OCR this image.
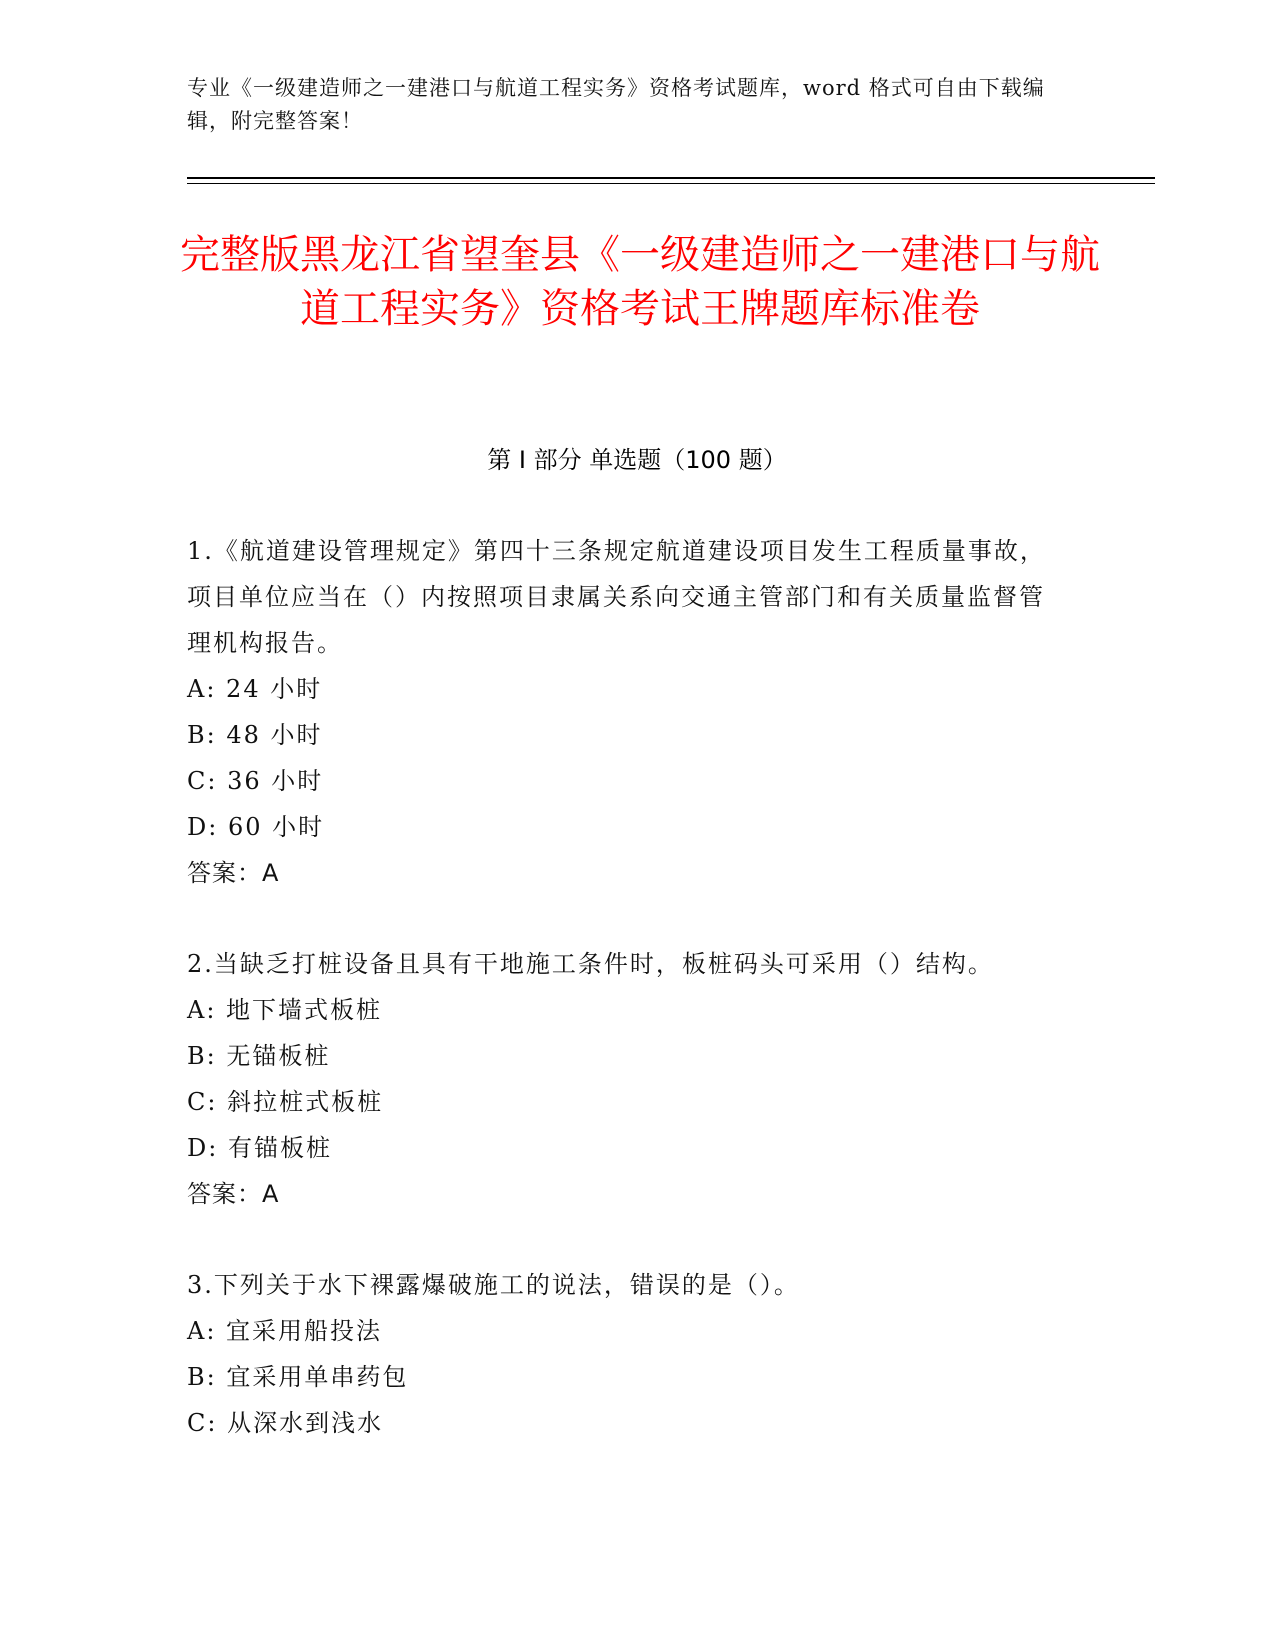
专业《一级建造师之一建港口与航道工程实务》资格考试题库，word 格式可自由下载编辑，附完整答案！
完整版黑龙江省望奎县《一级建造师之一建港口与航道工程实务》资格考试王牌题库标准卷
第 I 部分 单选题（100 题）

1.《航道建设管理规定》第四十三条规定航道建设项目发生工程质量事故，项目单位应当在（）内按照项目隶属关系向交通主管部门和有关质量监督管理机构报告。

A: 24 小时

B: 48 小时

C: 36 小时

D: 60 小时

答案：A

2.当缺乏打桩设备且具有干地施工条件时，板桩码头可采用（）结构。

A: 地下墙式板桩

B: 无锚板桩

C: 斜拉桩式板桩

D: 有锚板桩

答案：A

3.下列关于水下裸露爆破施工的说法，错误的是（）。

A: 宜采用船投法

B: 宜采用单串药包

C: 从深水到浅水
